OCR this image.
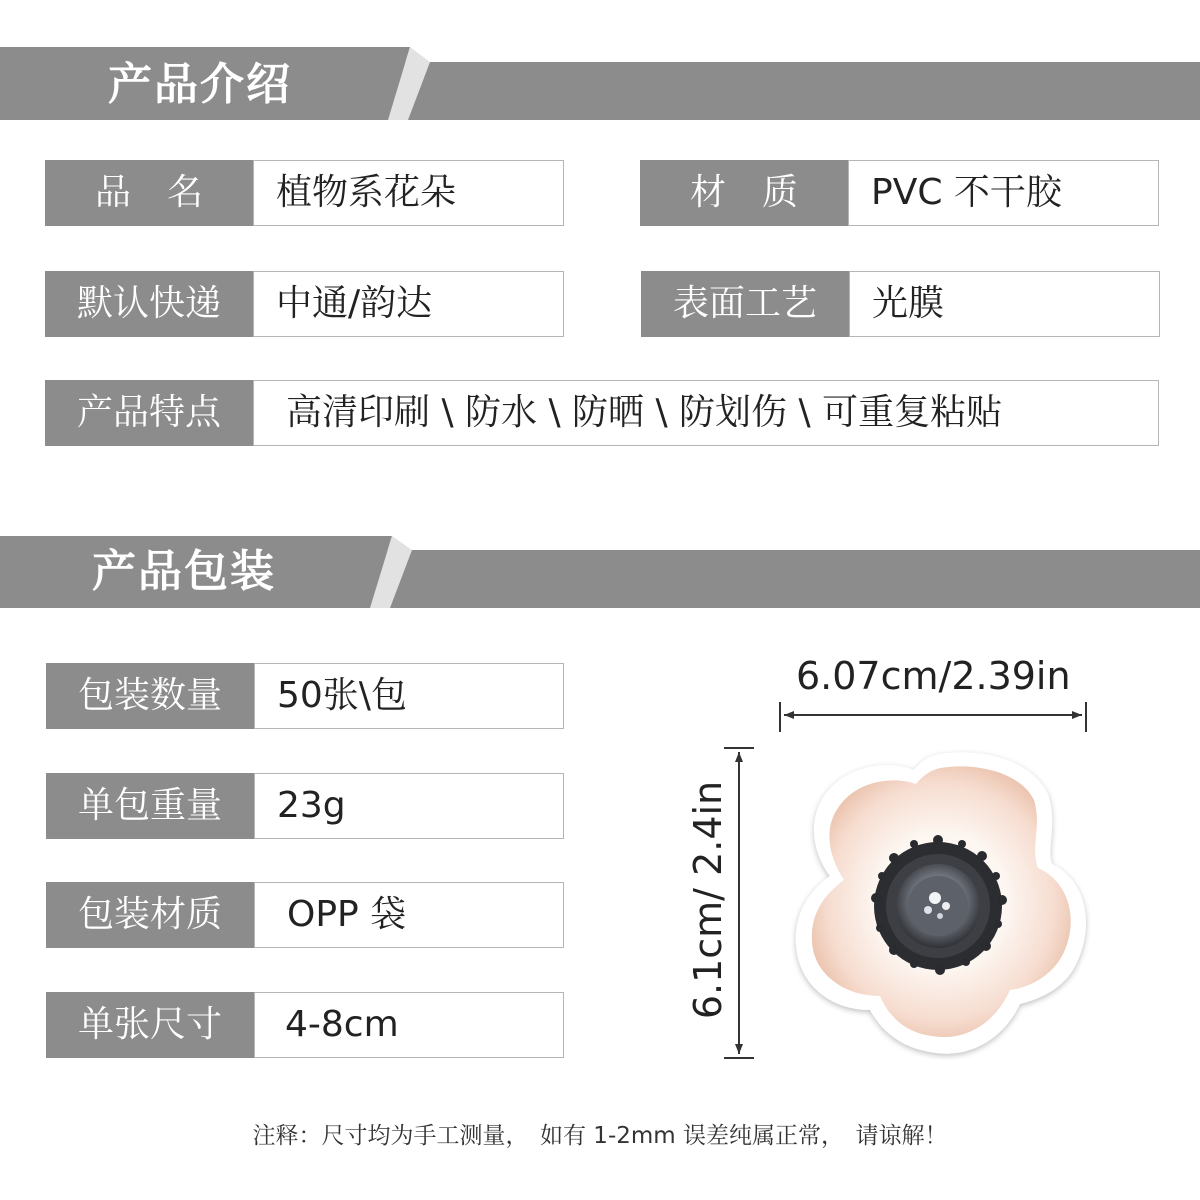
产品介绍
品　名	植物系花朵	材　质	PVC 不干胶
默认快递	中通/韵达	表面工艺	光膜
产品特点	高清印刷 \ 防水 \ 防晒 \ 防划伤 \ 可重复粘贴
产品包装
包装数量	50张\包
单包重量	23g
包装材质	OPP 袋
单张尺寸	4-8cm
6.07cm/2.39in
6.1cm/ 2.4in
注释：尺寸均为手工测量，　如有 1-2mm 误差纯属正常，　请谅解！
